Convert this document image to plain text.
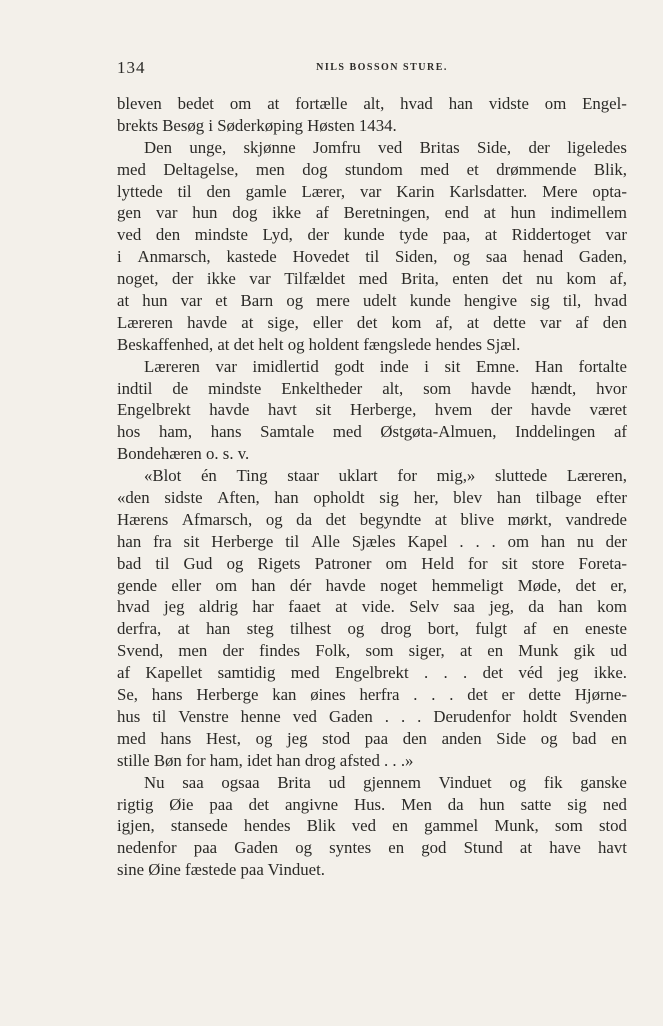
134	NILS BOSSON STURE.
bleven bedet om at fortælle alt, hvad han vidste om Engel-
brekts Besøg i Søderkøping Høsten 1434.
Den unge, skjønne Jomfru ved Britas Side, der ligeledes
med Deltagelse, men dog stundom med et drømmende Blik,
lyttede til den gamle Lærer, var Karin Karlsdatter. Mere opta-
gen var hun dog ikke af Beretningen, end at hun indimellem
ved den mindste Lyd, der kunde tyde paa, at Riddertoget var
i Anmarsch, kastede Hovedet til Siden, og saa henad Gaden,
noget, der ikke var Tilfældet med Brita, enten det nu kom af,
at hun var et Barn og mere udelt kunde hengive sig til, hvad
Læreren havde at sige, eller det kom af, at dette var af den
Beskaffenhed, at det helt og holdent fængslede hendes Sjæl.
Læreren var imidlertid godt inde i sit Emne. Han fortalte
indtil de mindste Enkeltheder alt, som havde hændt, hvor
Engelbrekt havde havt sit Herberge, hvem der havde været
hos ham, hans Samtale med Østgøta-Almuen, Inddelingen af
Bondehæren o. s. v.
«Blot én Ting staar uklart for mig,» sluttede Læreren,
«den sidste Aften, han opholdt sig her, blev han tilbage efter
Hærens Afmarsch, og da det begyndte at blive mørkt, vandrede
han fra sit Herberge til Alle Sjæles Kapel . . . om han nu der
bad til Gud og Rigets Patroner om Held for sit store Foreta-
gende eller om han dér havde noget hemmeligt Møde, det er,
hvad jeg aldrig har faaet at vide. Selv saa jeg, da han kom
derfra, at han steg tilhest og drog bort, fulgt af en eneste
Svend, men der findes Folk, som siger, at en Munk gik ud
af Kapellet samtidig med Engelbrekt . . . det véd jeg ikke.
Se, hans Herberge kan øines herfra . . . det er dette Hjørne-
hus til Venstre henne ved Gaden . . . Derudenfor holdt Svenden
med hans Hest, og jeg stod paa den anden Side og bad en
stille Bøn for ham, idet han drog afsted . . .»
Nu saa ogsaa Brita ud gjennem Vinduet og fik ganske
rigtig Øie paa det angivne Hus. Men da hun satte sig ned
igjen, stansede hendes Blik ved en gammel Munk, som stod
nedenfor paa Gaden og syntes en god Stund at have havt
sine Øine fæstede paa Vinduet.
